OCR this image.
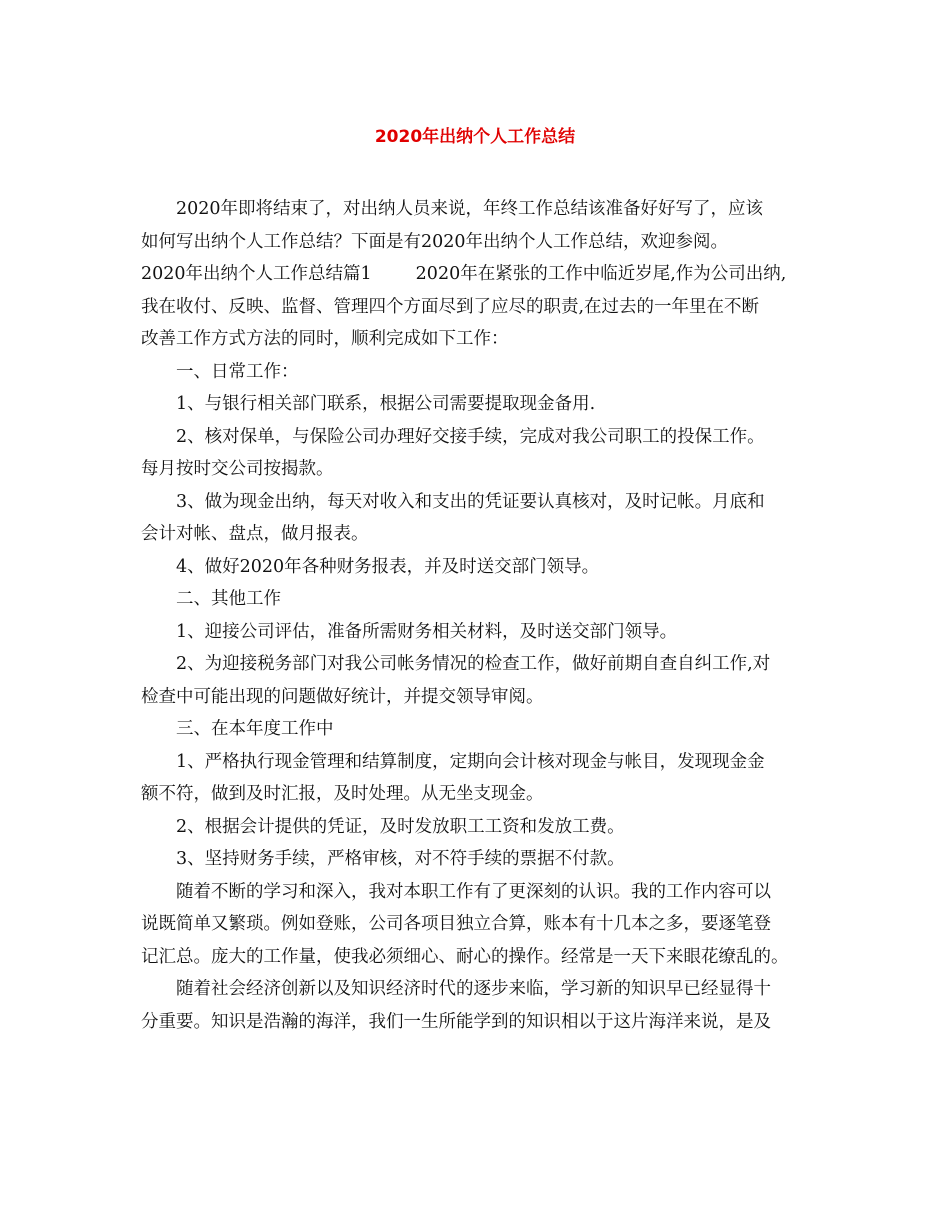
2020年出纳个人工作总结
2020年即将结束了，对出纳人员来说，年终工作总结该准备好好写了，应该
如何写出纳个人工作总结？下面是有2020年出纳个人工作总结，欢迎参阅。
2020年出纳个人工作总结篇1	2020年在紧张的工作中临近岁尾,作为公司出纳,
我在收付、反映、监督、管理四个方面尽到了应尽的职责,在过去的一年里在不断
改善工作方式方法的同时，顺利完成如下工作：
一、日常工作：
1、与银行相关部门联系，根据公司需要提取现金备用.
2、核对保单，与保险公司办理好交接手续，完成对我公司职工的投保工作。
每月按时交公司按揭款。
3、做为现金出纳，每天对收入和支出的凭证要认真核对，及时记帐。月底和
会计对帐、盘点，做月报表。
4、做好2020年各种财务报表，并及时送交部门领导。
二、其他工作
1、迎接公司评估，准备所需财务相关材料，及时送交部门领导。
2、为迎接税务部门对我公司帐务情况的检查工作，做好前期自查自纠工作,对
检查中可能出现的问题做好统计，并提交领导审阅。
三、在本年度工作中
1、严格执行现金管理和结算制度，定期向会计核对现金与帐目，发现现金金
额不符，做到及时汇报，及时处理。从无坐支现金。
2、根据会计提供的凭证，及时发放职工工资和发放工费。
3、坚持财务手续，严格审核，对不符手续的票据不付款。
随着不断的学习和深入，我对本职工作有了更深刻的认识。我的工作内容可以
说既简单又繁琐。例如登账，公司各项目独立合算，账本有十几本之多，要逐笔登
记汇总。庞大的工作量，使我必须细心、耐心的操作。经常是一天下来眼花缭乱的。
随着社会经济创新以及知识经济时代的逐步来临，学习新的知识早已经显得十
分重要。知识是浩瀚的海洋，我们一生所能学到的知识相以于这片海洋来说，是及
